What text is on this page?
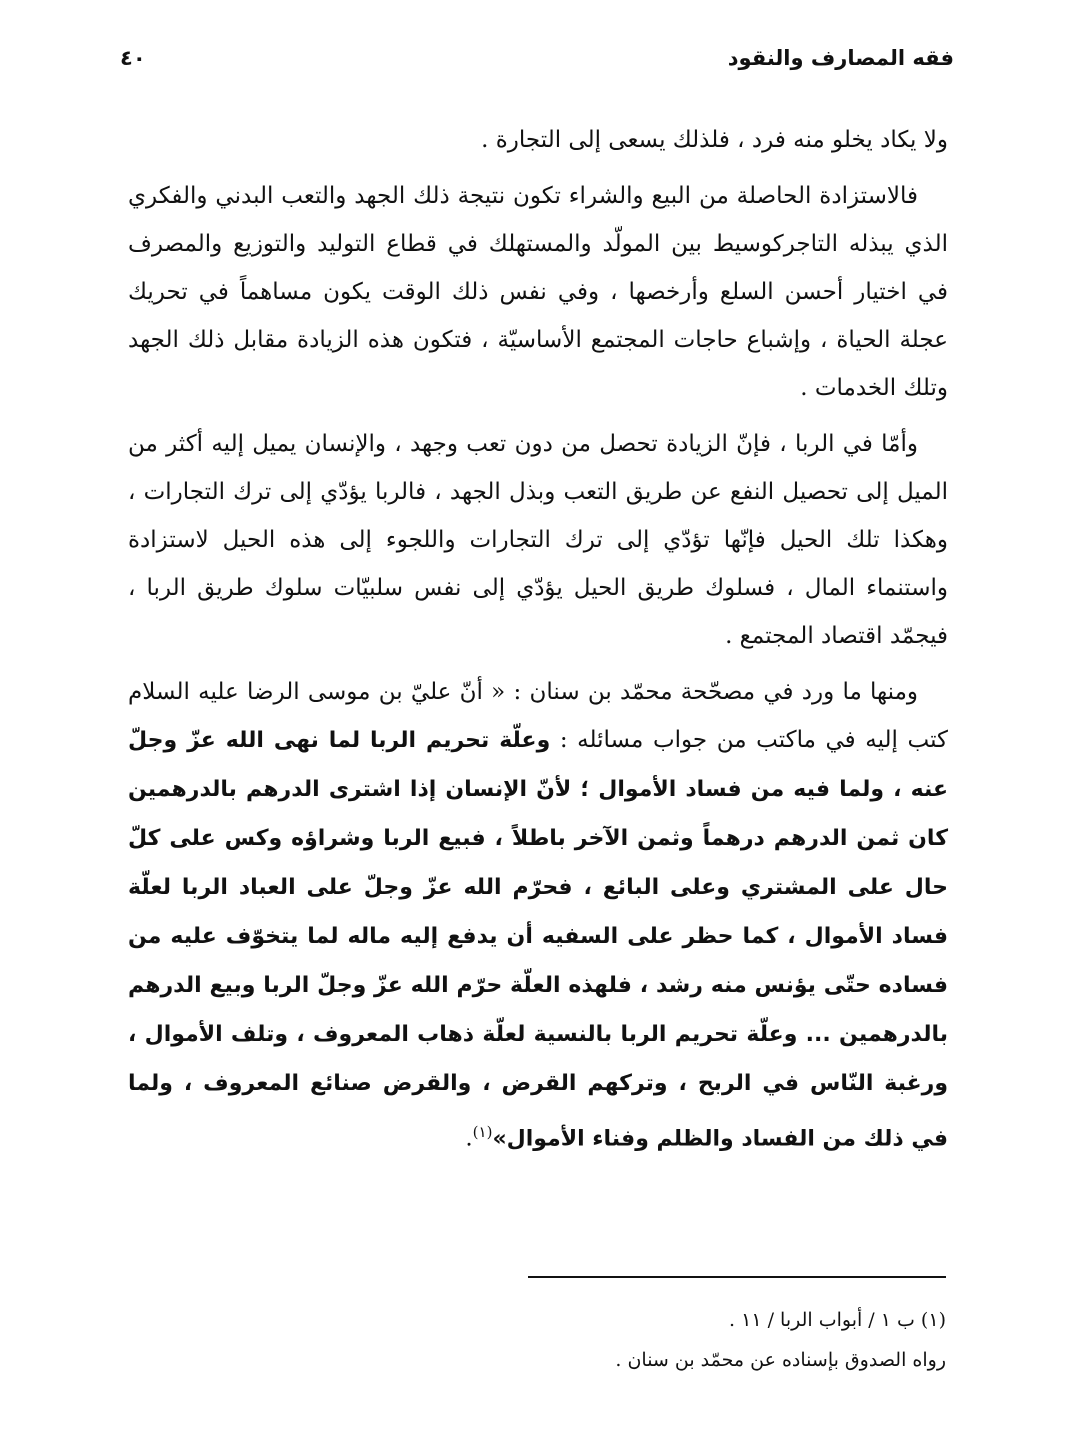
فقه المصارف والنقود
٤٠

ولا يكاد يخلو منه فرد ، فلذلك يسعى إلى التجارة .

فالاستزادة الحاصلة من البيع والشراء تكون نتيجة ذلك الجهد والتعب البدني والفكري الذي يبذله التاجركوسيط بين المولّد والمستهلك في قطاع التوليد والتوزيع والمصرف في اختيار أحسن السلع وأرخصها ، وفي نفس ذلك الوقت يكون مساهماً في تحريك عجلة الحياة ، وإشباع حاجات المجتمع الأساسيّة ، فتكون هذه الزيادة مقابل ذلك الجهد وتلك الخدمات .

وأمّا في الربا ، فإنّ الزيادة تحصل من دون تعب وجهد ، والإنسان يميل إليه أكثر من الميل إلى تحصيل النفع عن طريق التعب وبذل الجهد ، فالربا يؤدّي إلى ترك التجارات ، وهكذا تلك الحيل فإنّها تؤدّي إلى ترك التجارات واللجوء إلى هذه الحيل لاستزادة واستنماء المال ، فسلوك طريق الحيل يؤدّي إلى نفس سلبيّات سلوك طريق الربا ، فيجمّد اقتصاد المجتمع .

ومنها ما ورد في مصحّحة محمّد بن سنان : « أنّ عليّ بن موسى الرضا عليه السلام كتب إليه في ماكتب من جواب مسائله : وعلّة تحريم الربا لما نهى الله عزّ وجلّ عنه ، ولما فيه من فساد الأموال ؛ لأنّ الإنسان إذا اشترى الدرهم بالدرهمين كان ثمن الدرهم درهماً وثمن الآخر باطلاً ، فبيع الربا وشراؤه وكس على كلّ حال على المشتري وعلى البائع ، فحرّم الله عزّ وجلّ على العباد الربا لعلّة فساد الأموال ، كما حظر على السفيه أن يدفع إليه ماله لما يتخوّف عليه من فساده حتّى يؤنس منه رشد ، فلهذه العلّة حرّم الله عزّ وجلّ الربا وبيع الدرهم بالدرهمين ... وعلّة تحريم الربا بالنسية لعلّة ذهاب المعروف ، وتلف الأموال ، ورغبة النّاس في الربح ، وتركهم القرض ، والقرض صنائع المعروف ، ولما في ذلك من الفساد والظلم وفناء الأموال»$^{(١)}$.

(١) ب ١ / أبواب الربا / ١١ .
رواه الصدوق بإسناده عن محمّد بن سنان .
